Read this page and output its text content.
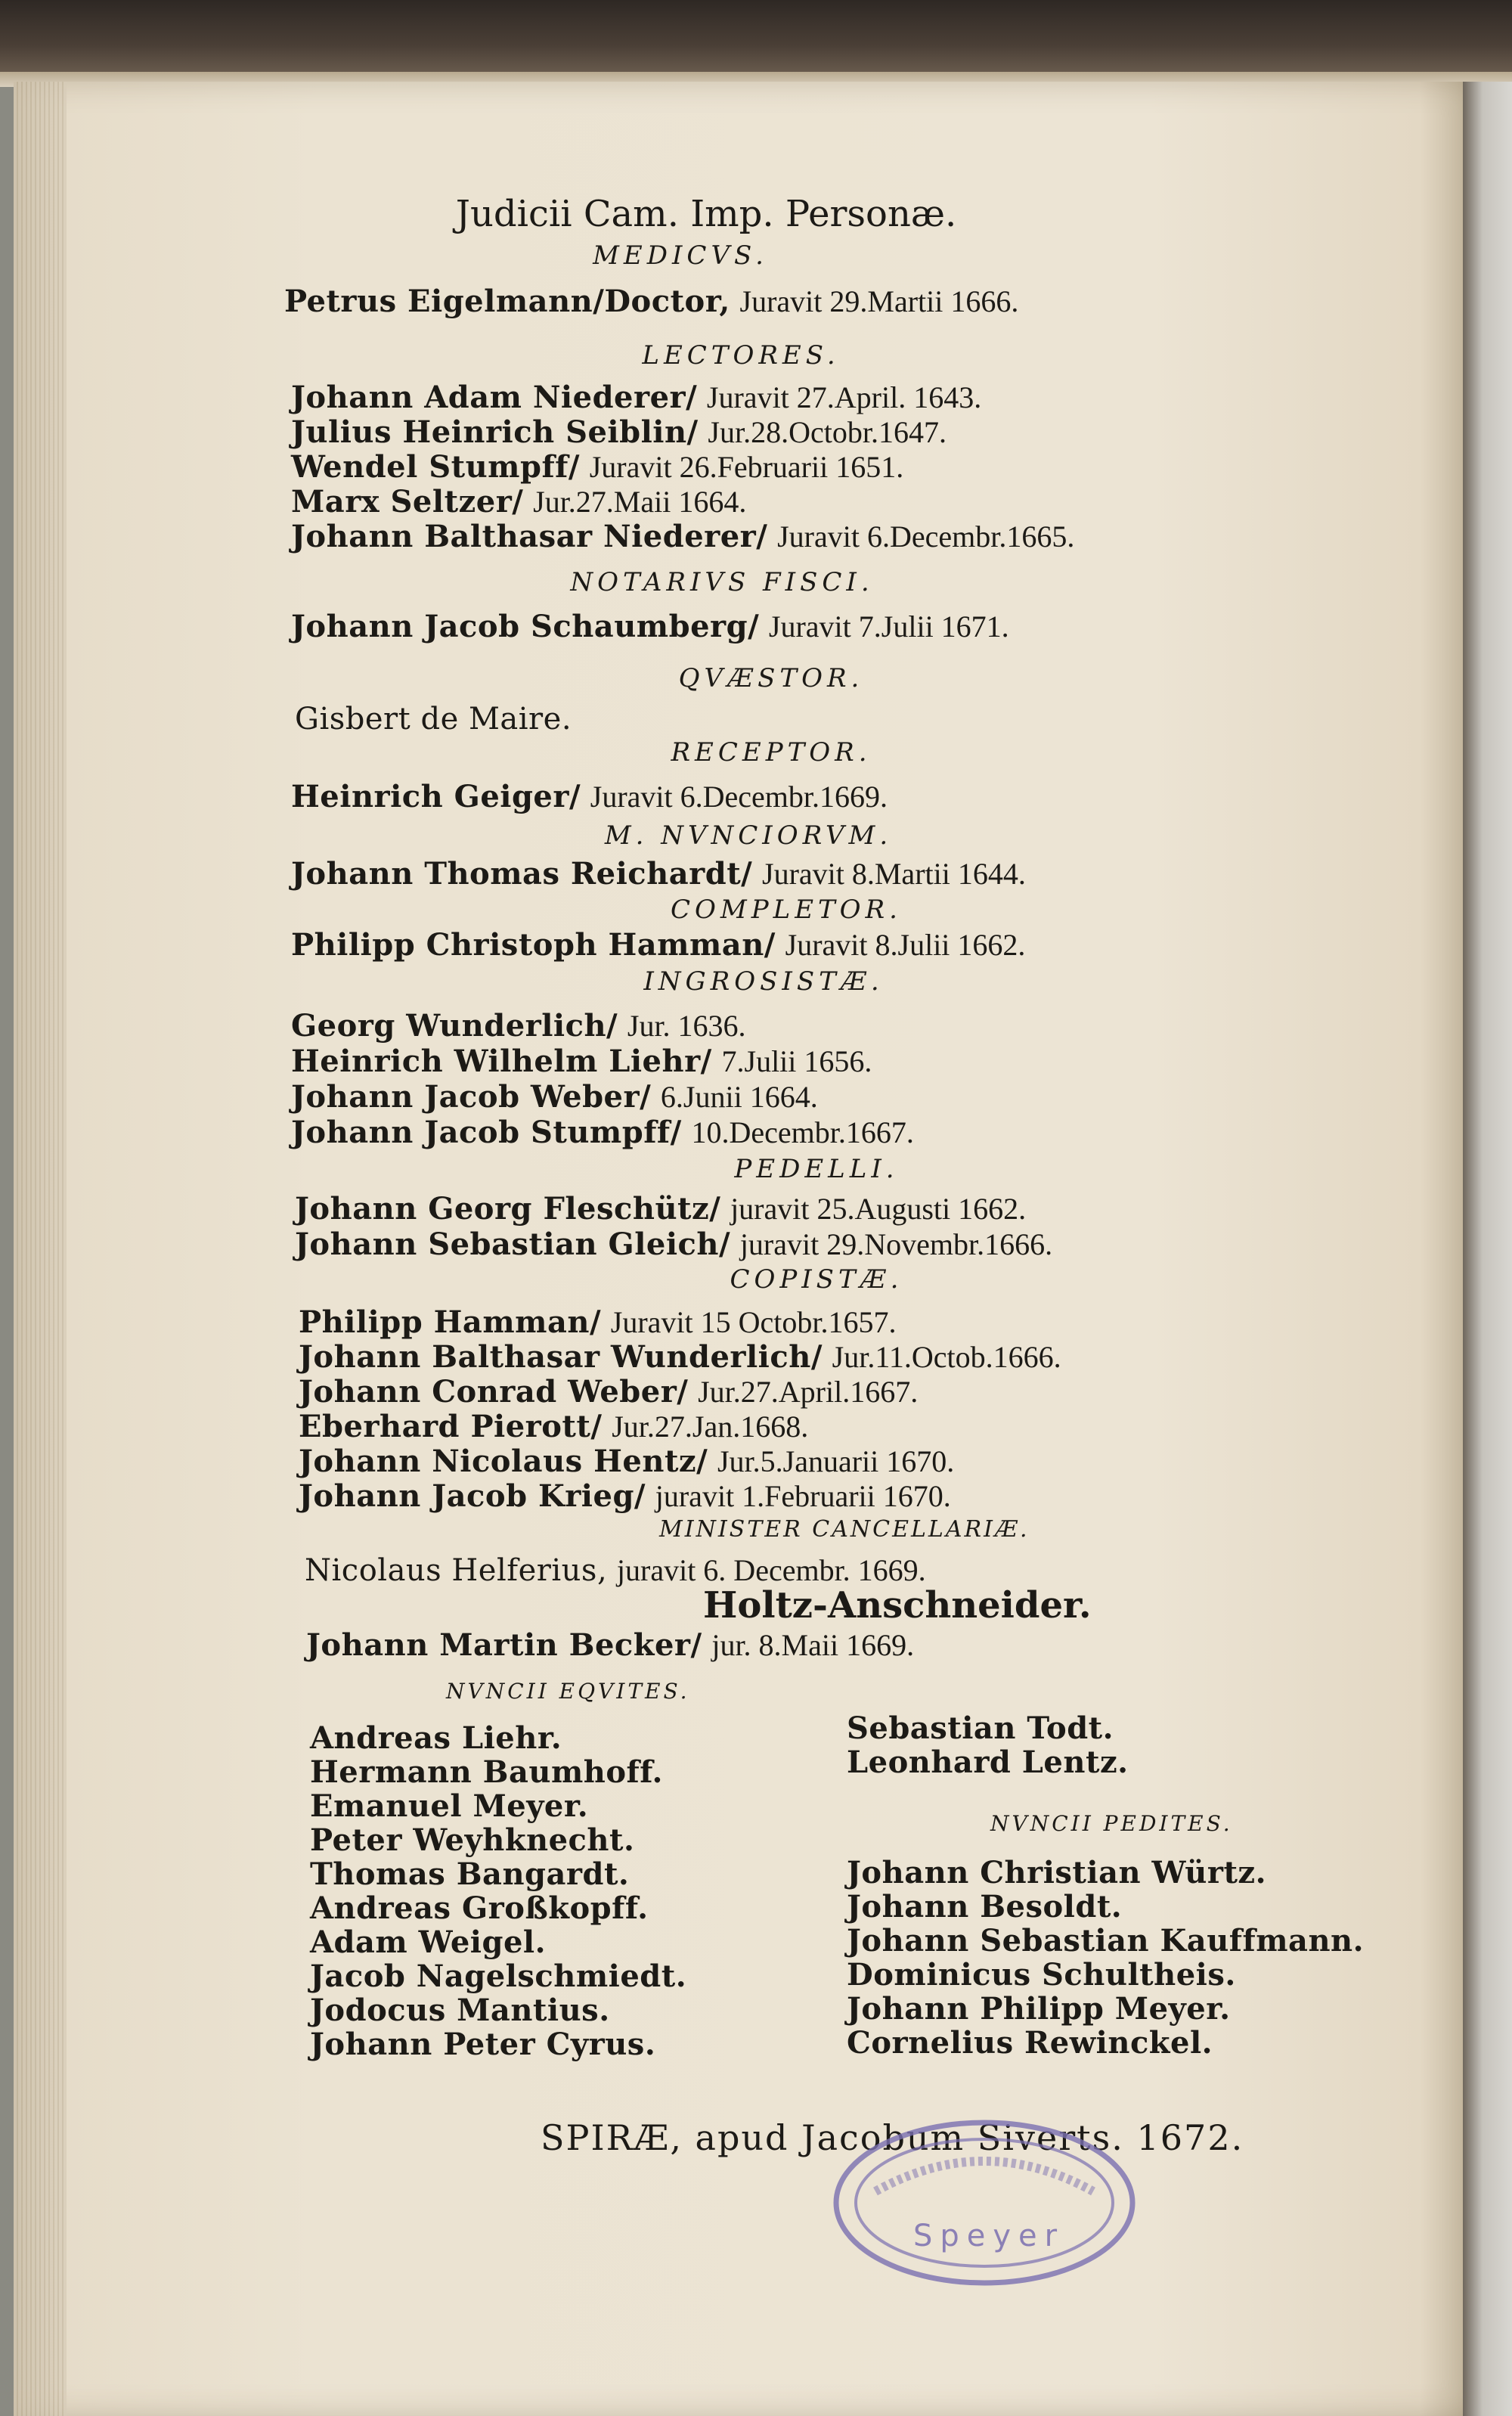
Judicii Cam. Imp. Personæ.
MEDICVS.
Petrus Eigelmann/Doctor, Juravit 29.Martii 1666.
LECTORES.
Johann Adam Niederer/ Juravit 27.April. 1643.
Julius Heinrich Seiblin/ Jur.28.Octobr.1647.
Wendel Stumpff/ Juravit 26.Februarii 1651.
Marx Seltzer/ Jur.27.Maii 1664.
Johann Balthasar Niederer/ Juravit 6.Decembr.1665.
NOTARIVS FISCI.
Johann Jacob Schaumberg/ Juravit 7.Julii 1671.
QVÆSTOR.
Gisbert de Maire.
RECEPTOR.
Heinrich Geiger/ Juravit 6.Decembr.1669.
M. NVNCIORVM.
Johann Thomas Reichardt/ Juravit 8.Martii 1644.
COMPLETOR.
Philipp Christoph Hamman/ Juravit 8.Julii 1662.
INGROSISTÆ.
Georg Wunderlich/ Jur. 1636.
Heinrich Wilhelm Liehr/ 7.Julii 1656.
Johann Jacob Weber/ 6.Junii 1664.
Johann Jacob Stumpff/ 10.Decembr.1667.
PEDELLI.
Johann Georg Fleschütz/ juravit 25.Augusti 1662.
Johann Sebastian Gleich/ juravit 29.Novembr.1666.
COPISTÆ.
Philipp Hamman/ Juravit 15 Octobr.1657.
Johann Balthasar Wunderlich/ Jur.11.Octob.1666.
Johann Conrad Weber/ Jur.27.April.1667.
Eberhard Pierott/ Jur.27.Jan.1668.
Johann Nicolaus Hentz/ Jur.5.Januarii 1670.
Johann Jacob Krieg/ juravit 1.Februarii 1670.
MINISTER CANCELLARIÆ.
Nicolaus Helferius, juravit 6. Decembr. 1669.
Holtz-Anschneider.
Johann Martin Becker/ jur. 8.Maii 1669.
NVNCII EQVITES.
Andreas Liehr.
Hermann Baumhoff.
Emanuel Meyer.
Peter Weyhknecht.
Thomas Bangardt.
Andreas Großkopff.
Adam Weigel.
Jacob Nagelschmiedt.
Jodocus Mantius.
Johann Peter Cyrus.
Sebastian Todt.
Leonhard Lentz.
NVNCII PEDITES.
Johann Christian Würtz.
Johann Besoldt.
Johann Sebastian Kauffmann.
Dominicus Schultheis.
Johann Philipp Meyer.
Cornelius Rewinckel.
SPIRÆ, apud Jacobum Siverts. 1672.
Speyer
